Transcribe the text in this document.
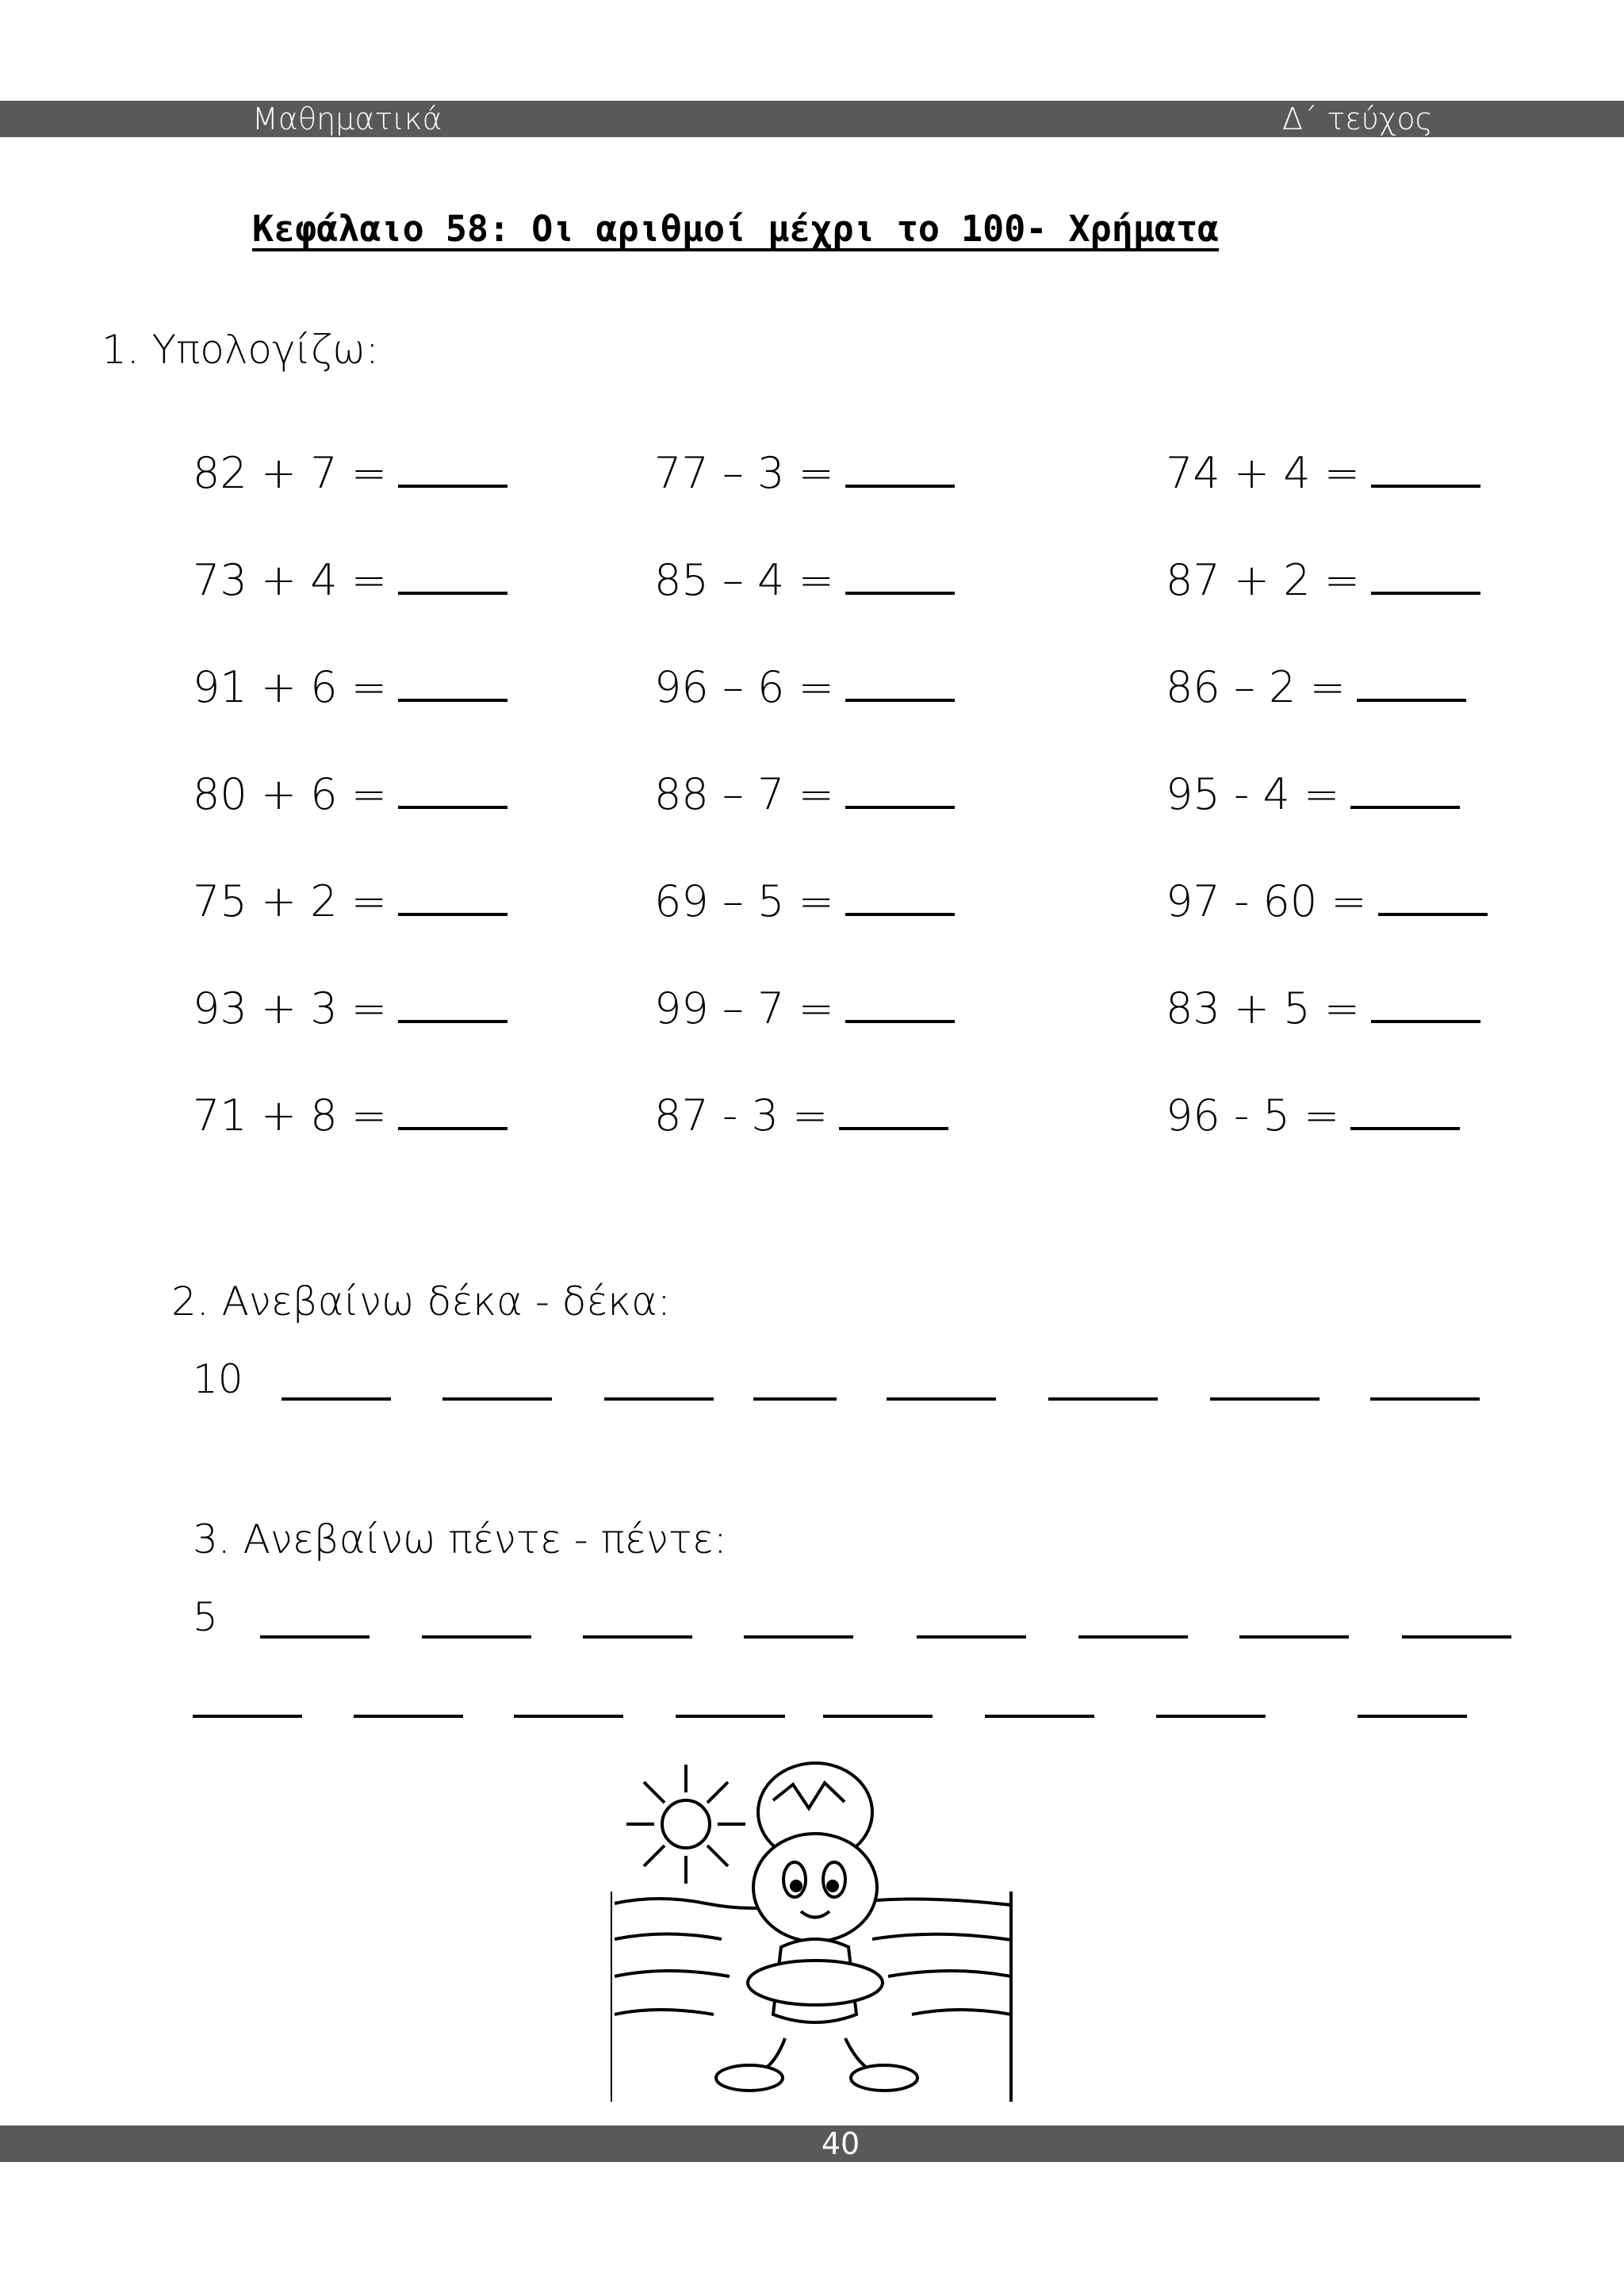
Μαθηματικά	Δ΄ τεύχος
Κεφάλαιο 58: Οι αριθμοί μέχρι το 100- Χρήματα
1. Υπολογίζω:
82 + 7 =
73 + 4 =
91 + 6 =
80 + 6 =
75 + 2 =
93 + 3 =
71 + 8 =
77 – 3 =
85 – 4 =
96 – 6 =
88 – 7 =
69 – 5 =
99 – 7 =
87 - 3 =
74 + 4 =
87 + 2 =
86 – 2 =
95 - 4 =
97 - 60 =
83 + 5 =
96 - 5 =
2. Ανεβαίνω δέκα - δέκα:
10
3. Ανεβαίνω πέντε - πέντε:
5
40
